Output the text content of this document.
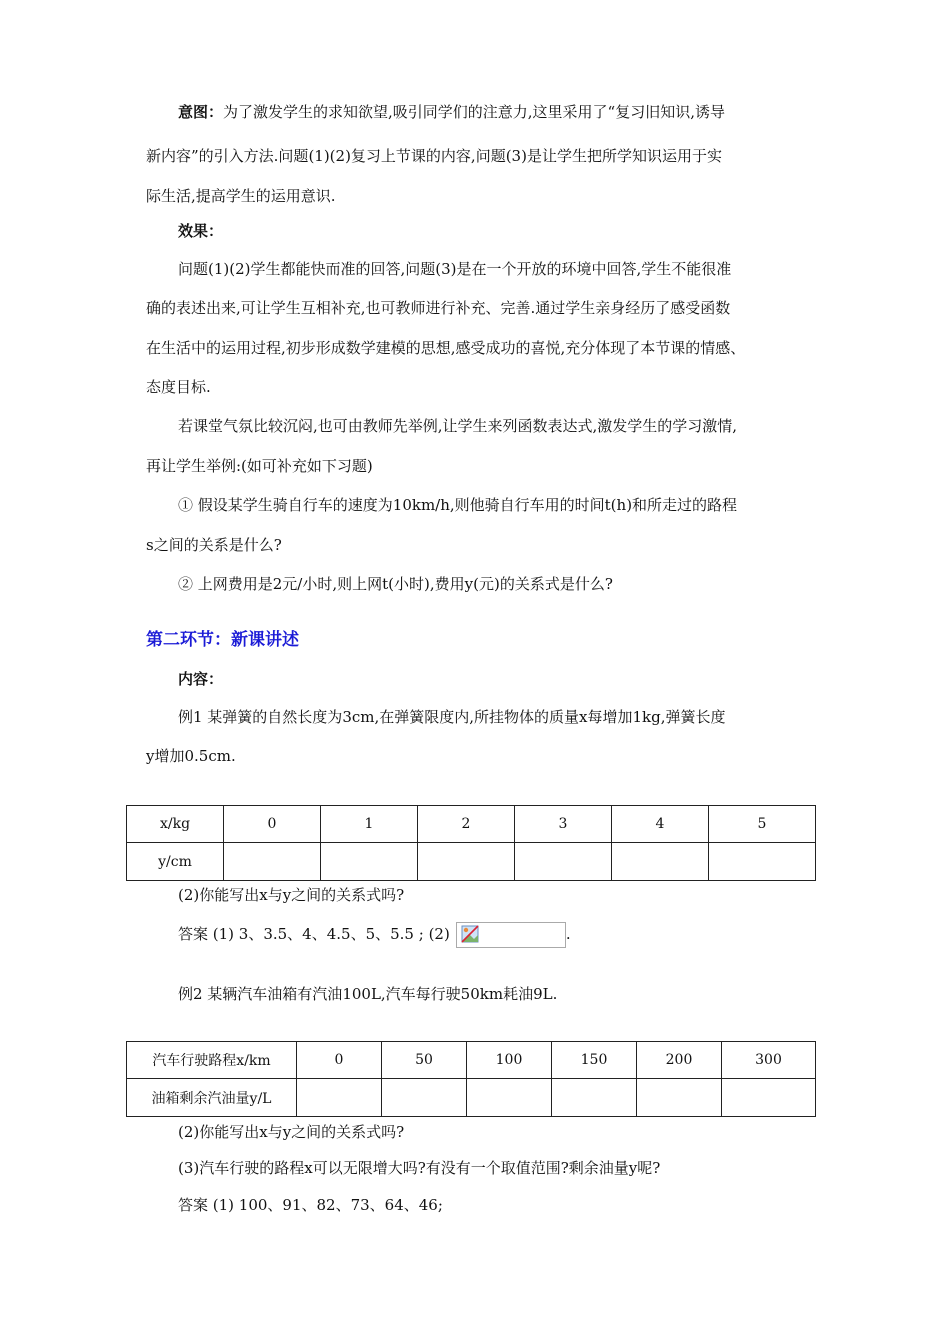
意图：为了激发学生的求知欲望,吸引同学们的注意力,这里采用了“复习旧知识,诱导
新内容”的引入方法.问题(1)(2)复习上节课的内容,问题(3)是让学生把所学知识运用于实
际生活,提高学生的运用意识.
效果：
问题(1)(2)学生都能快而准的回答,问题(3)是在一个开放的环境中回答,学生不能很准
确的表述出来,可让学生互相补充,也可教师进行补充、完善.通过学生亲身经历了感受函数
在生活中的运用过程,初步形成数学建模的思想,感受成功的喜悦,充分体现了本节课的情感、
态度目标.
若课堂气氛比较沉闷,也可由教师先举例,让学生来列函数表达式,激发学生的学习激情,
再让学生举例:(如可补充如下习题)
① 假设某学生骑自行车的速度为10km/h,则他骑自行车用的时间t(h)和所走过的路程
s之间的关系是什么?
② 上网费用是2元/小时,则上网t(小时),费用y(元)的关系式是什么?
第二环节：新课讲述
内容：
例1 某弹簧的自然长度为3cm,在弹簧限度内,所挂物体的质量x每增加1kg,弹簧长度
y增加0.5cm.
x/kg	0	1	2	3	4	5
y/cm						
(2)你能写出x与y之间的关系式吗?
答案 (1) 3、3.5、4、4.5、5、5.5 ; (2)	.
例2 某辆汽车油箱有汽油100L,汽车每行驶50km耗油9L.
汽车行驶路程x/km	0	50	100	150	200	300
油箱剩余汽油量y/L						
(2)你能写出x与y之间的关系式吗?
(3)汽车行驶的路程x可以无限增大吗?有没有一个取值范围?剩余油量y呢?
答案 (1) 100、91、82、73、64、46;
